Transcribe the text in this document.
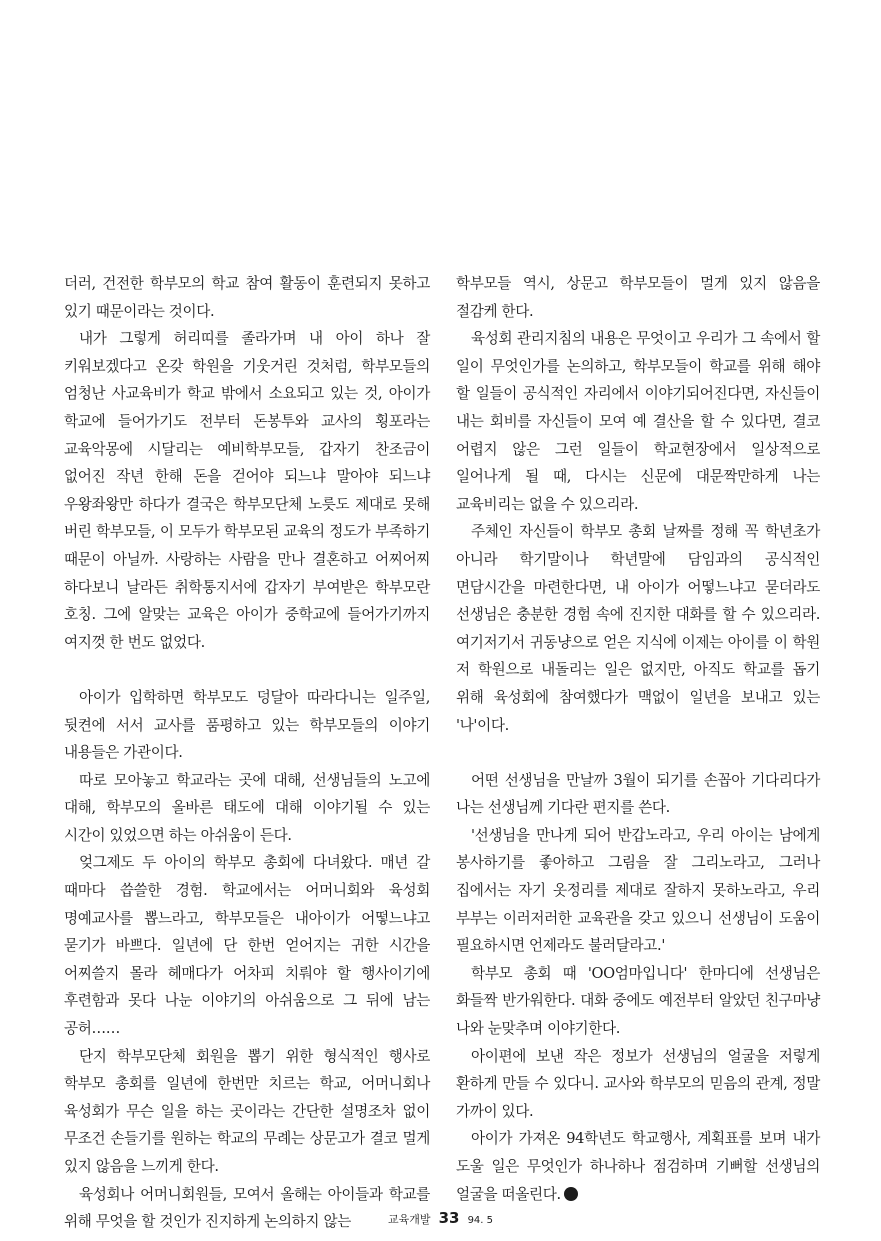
더러, 건전한 학부모의 학교 참여 활동이 훈련되지 못하고 있기 때문이라는 것이다.

내가 그렇게 허리띠를 졸라가며 내 아이 하나 잘 키워보겠다고 온갖 학원을 기웃거린 것처럼, 학부모들의 엄청난 사교육비가 학교 밖에서 소요되고 있는 것, 아이가 학교에 들어가기도 전부터 돈봉투와 교사의 횡포라는 교육악몽에 시달리는 예비학부모들, 갑자기 찬조금이 없어진 작년 한해 돈을 걷어야 되느냐 말아야 되느냐 우왕좌왕만 하다가 결국은 학부모단체 노릇도 제대로 못해 버린 학부모들, 이 모두가 학부모된 교육의 정도가 부족하기 때문이 아닐까. 사랑하는 사람을 만나 결혼하고 어찌어찌 하다보니 날라든 취학통지서에 갑자기 부여받은 학부모란 호칭. 그에 알맞는 교육은 아이가 중학교에 들어가기까지 여지껏 한 번도 없었다.

아이가 입학하면 학부모도 덩달아 따라다니는 일주일, 뒷켠에 서서 교사를 품평하고 있는 학부모들의 이야기 내용들은 가관이다.

따로 모아놓고 학교라는 곳에 대해, 선생님들의 노고에 대해, 학부모의 올바른 태도에 대해 이야기될 수 있는 시간이 있었으면 하는 아쉬움이 든다.

엊그제도 두 아이의 학부모 총회에 다녀왔다. 매년 갈 때마다 씁쓸한 경험. 학교에서는 어머니회와 육성회 명예교사를 뽑느라고, 학부모들은 내아이가 어떻느냐고 묻기가 바쁘다. 일년에 단 한번 얻어지는 귀한 시간을 어찌쓸지 몰라 헤매다가 어차피 치뤄야 할 행사이기에 후련함과 못다 나눈 이야기의 아쉬움으로 그 뒤에 남는 공허……

단지 학부모단체 회원을 뽑기 위한 형식적인 행사로 학부모 총회를 일년에 한번만 치르는 학교, 어머니회나 육성회가 무슨 일을 하는 곳이라는 간단한 설명조차 없이 무조건 손들기를 원하는 학교의 무례는 상문고가 결코 멀게 있지 않음을 느끼게 한다.

육성회나 어머니회원들, 모여서 올해는 아이들과 학교를 위해 무엇을 할 것인가 진지하게 논의하지 않는

학부모들 역시, 상문고 학부모들이 멀게 있지 않음을 절감케 한다.

육성회 관리지침의 내용은 무엇이고 우리가 그 속에서 할 일이 무엇인가를 논의하고, 학부모들이 학교를 위해 해야 할 일들이 공식적인 자리에서 이야기되어진다면, 자신들이 내는 회비를 자신들이 모여 예 결산을 할 수 있다면, 결코 어렵지 않은 그런 일들이 학교현장에서 일상적으로 일어나게 될 때, 다시는 신문에 대문짝만하게 나는 교육비리는 없을 수 있으리라.

주체인 자신들이 학부모 총회 날짜를 정해 꼭 학년초가 아니라 학기말이나 학년말에 담임과의 공식적인 면담시간을 마련한다면, 내 아이가 어떻느냐고 묻더라도 선생님은 충분한 경험 속에 진지한 대화를 할 수 있으리라. 여기저기서 귀동냥으로 얻은 지식에 이제는 아이를 이 학원 저 학원으로 내돌리는 일은 없지만, 아직도 학교를 돕기 위해 육성회에 참여했다가 맥없이 일년을 보내고 있는 '나'이다.

어떤 선생님을 만날까 3월이 되기를 손꼽아 기다리다가 나는 선생님께 기다란 편지를 쓴다.

'선생님을 만나게 되어 반갑노라고, 우리 아이는 남에게 봉사하기를 좋아하고 그림을 잘 그리노라고, 그러나 집에서는 자기 옷정리를 제대로 잘하지 못하노라고, 우리 부부는 이러저러한 교육관을 갖고 있으니 선생님이 도움이 필요하시면 언제라도 불러달라고.'

학부모 총회 때 'OO엄마입니다' 한마디에 선생님은 화들짝 반가워한다. 대화 중에도 예전부터 알았던 친구마냥 나와 눈맞추며 이야기한다.

아이편에 보낸 작은 정보가 선생님의 얼굴을 저렇게 환하게 만들 수 있다니. 교사와 학부모의 믿음의 관계, 정말 가까이 있다.

아이가 가져온 94학년도 학교행사, 계획표를 보며 내가 도울 일은 무엇인가 하나하나 점검하며 기뻐할 선생님의 얼굴을 떠올린다.

교육개발 33 94. 5
